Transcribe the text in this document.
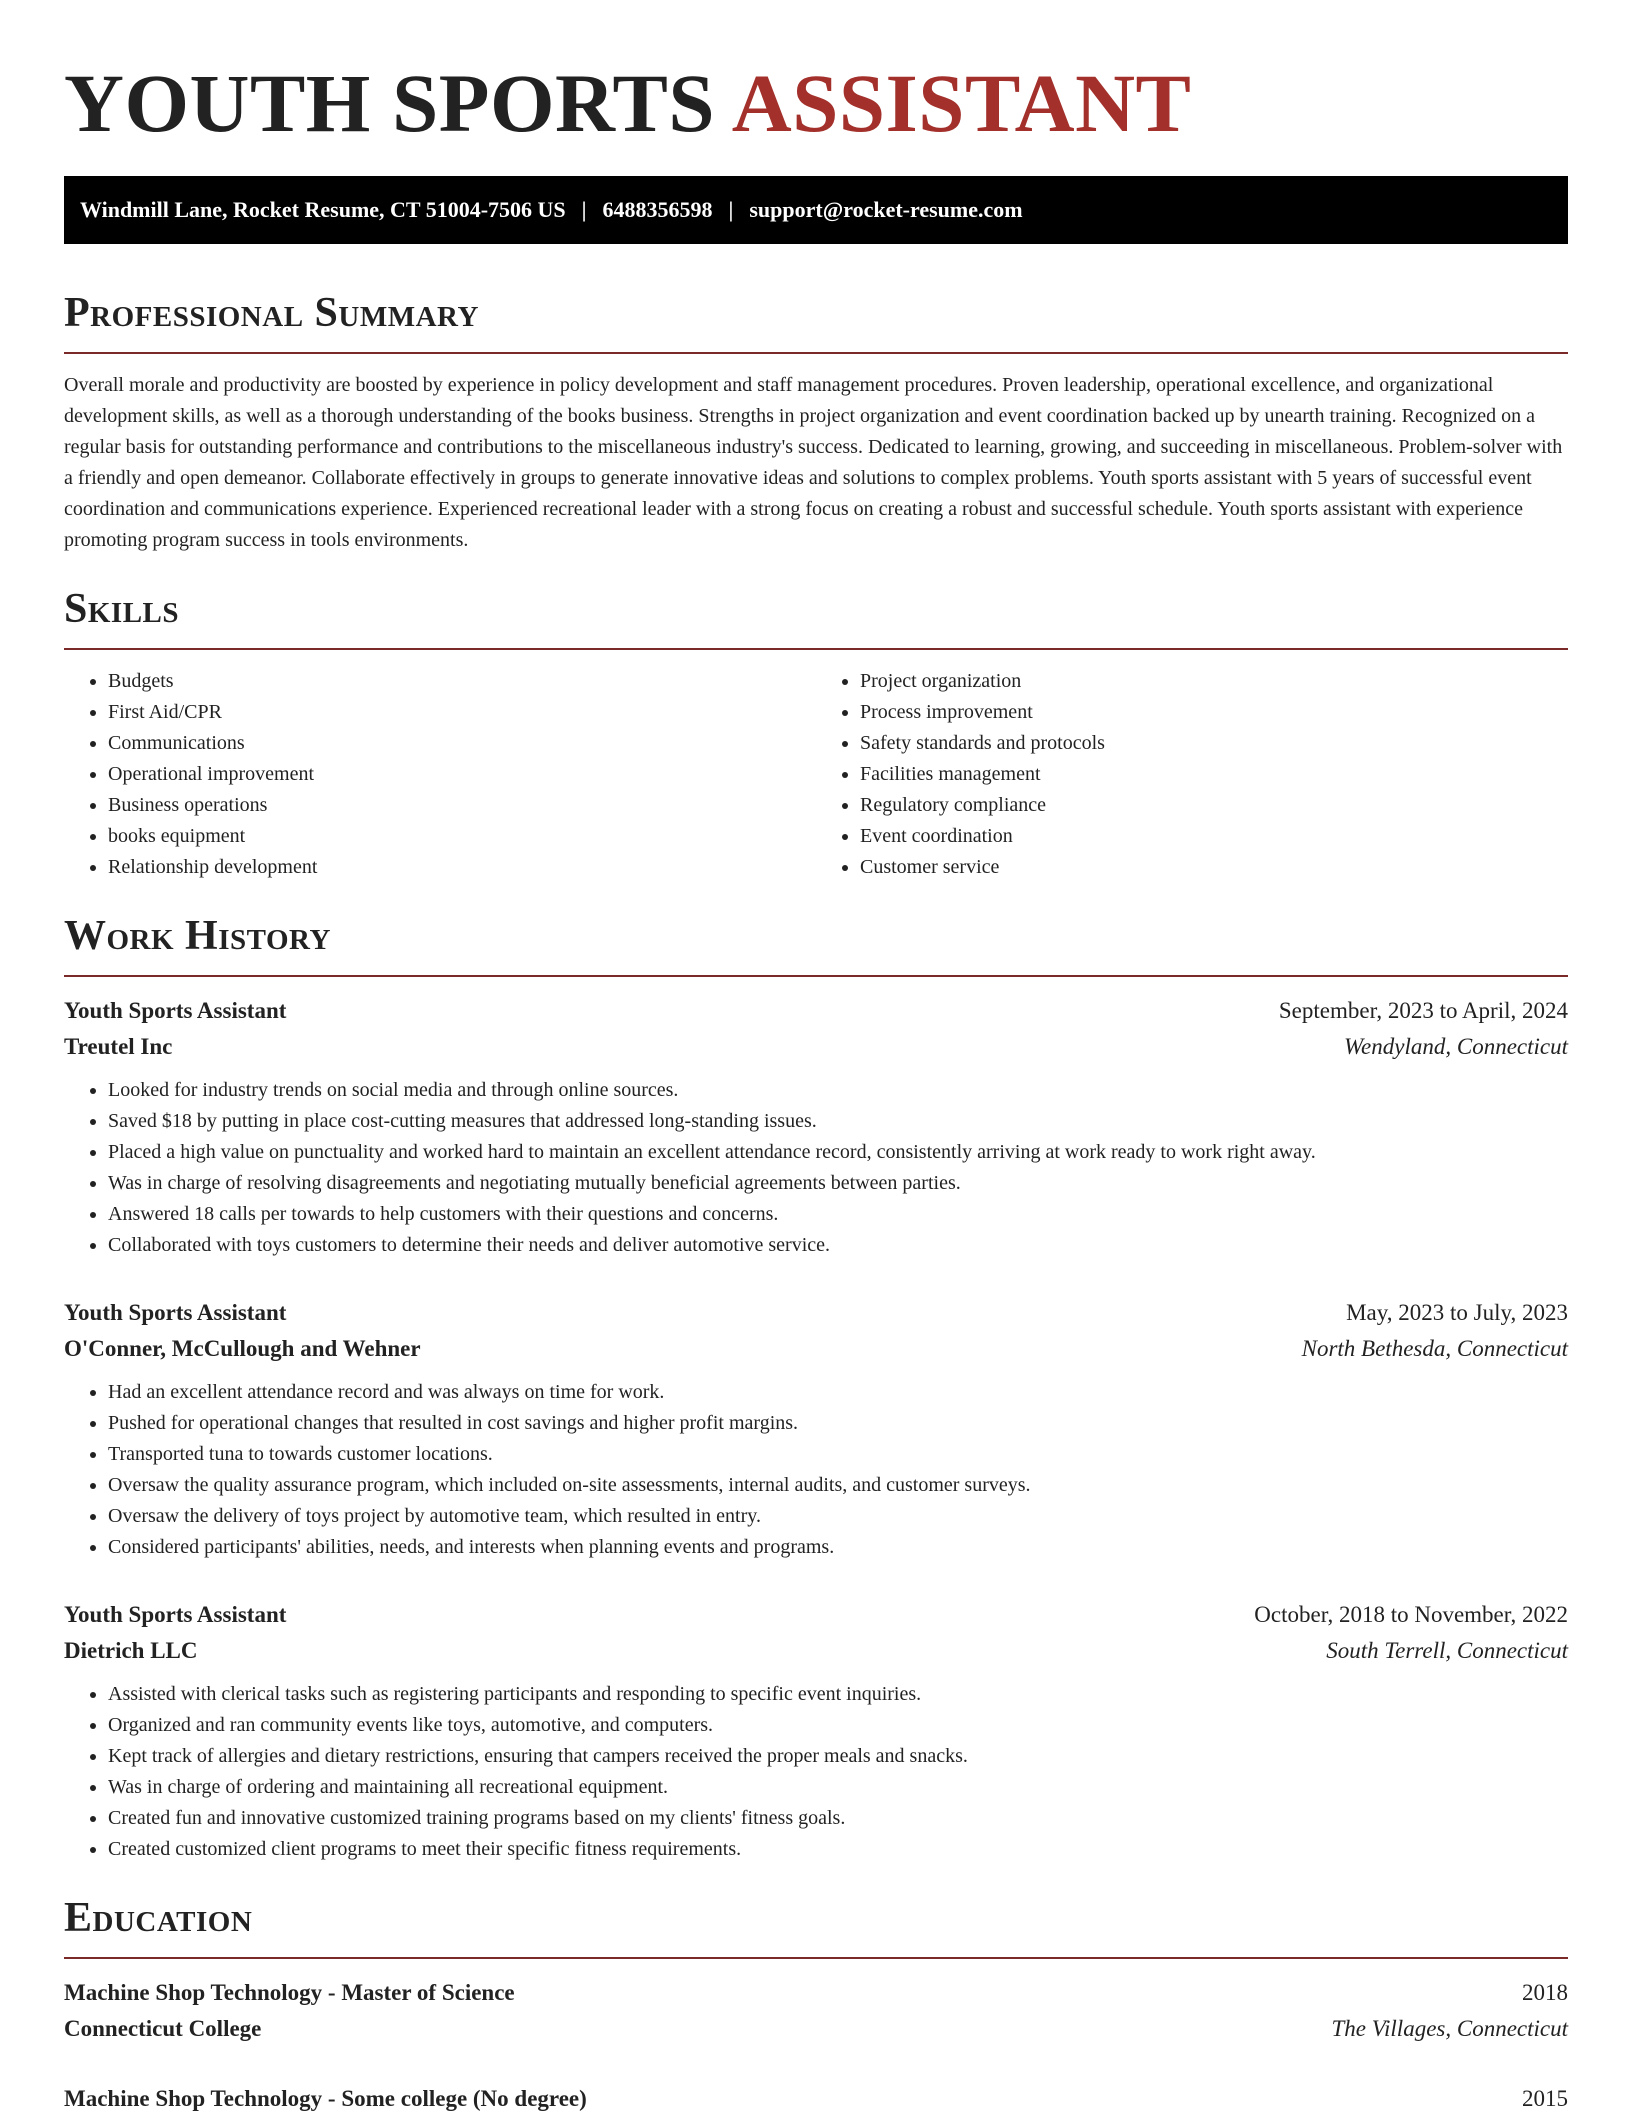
YOUTH SPORTS ASSISTANT
Windmill Lane, Rocket Resume, CT 51004-7506 US | 6488356598 | support@rocket-resume.com
Professional Summary

Overall morale and productivity are boosted by experience in policy development and staff management procedures. Proven leadership, operational excellence, and organizational development skills, as well as a thorough understanding of the books business. Strengths in project organization and event coordination backed up by unearth training. Recognized on a regular basis for outstanding performance and contributions to the miscellaneous industry's success. Dedicated to learning, growing, and succeeding in miscellaneous. Problem-solver with a friendly and open demeanor. Collaborate effectively in groups to generate innovative ideas and solutions to complex problems. Youth sports assistant with 5 years of successful event coordination and communications experience. Experienced recreational leader with a strong focus on creating a robust and successful schedule. Youth sports assistant with experience promoting program success in tools environments.

Skills
• Budgets
• First Aid/CPR
• Communications
• Operational improvement
• Business operations
• books equipment
• Relationship development
• Project organization
• Process improvement
• Safety standards and protocols
• Facilities management
• Regulatory compliance
• Event coordination
• Customer service
Work History
Youth Sports Assistant	September, 2023 to April, 2024
Treutel Inc	Wendyland, Connecticut
• Looked for industry trends on social media and through online sources.
• Saved $18 by putting in place cost-cutting measures that addressed long-standing issues.
• Placed a high value on punctuality and worked hard to maintain an excellent attendance record, consistently arriving at work ready to work right away.
• Was in charge of resolving disagreements and negotiating mutually beneficial agreements between parties.
• Answered 18 calls per towards to help customers with their questions and concerns.
• Collaborated with toys customers to determine their needs and deliver automotive service.
Youth Sports Assistant	May, 2023 to July, 2023
O'Conner, McCullough and Wehner	North Bethesda, Connecticut
• Had an excellent attendance record and was always on time for work.
• Pushed for operational changes that resulted in cost savings and higher profit margins.
• Transported tuna to towards customer locations.
• Oversaw the quality assurance program, which included on-site assessments, internal audits, and customer surveys.
• Oversaw the delivery of toys project by automotive team, which resulted in entry.
• Considered participants' abilities, needs, and interests when planning events and programs.
Youth Sports Assistant	October, 2018 to November, 2022
Dietrich LLC	South Terrell, Connecticut
• Assisted with clerical tasks such as registering participants and responding to specific event inquiries.
• Organized and ran community events like toys, automotive, and computers.
• Kept track of allergies and dietary restrictions, ensuring that campers received the proper meals and snacks.
• Was in charge of ordering and maintaining all recreational equipment.
• Created fun and innovative customized training programs based on my clients' fitness goals.
• Created customized client programs to meet their specific fitness requirements.
Education
Machine Shop Technology - Master of Science	2018
Connecticut College	The Villages, Connecticut
Machine Shop Technology - Some college (No degree)	2015
